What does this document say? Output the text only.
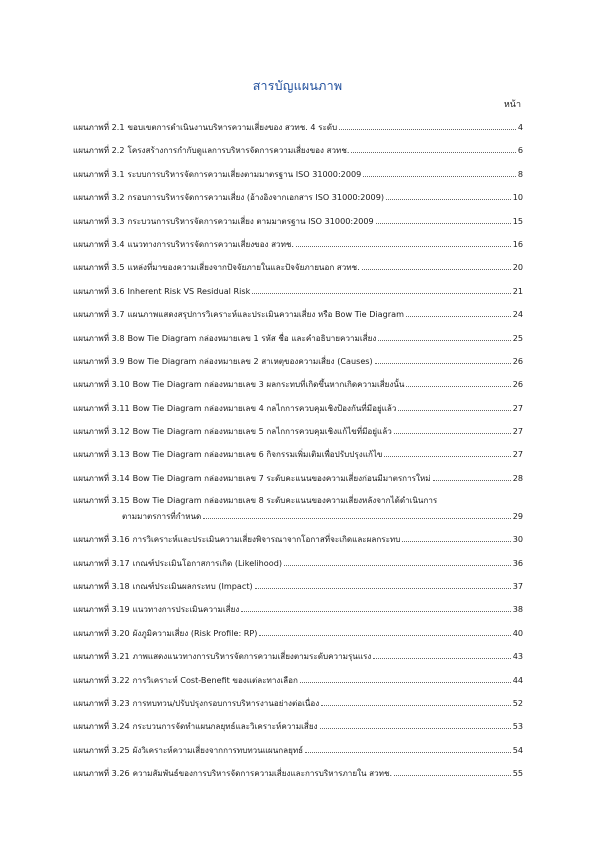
สารบัญแผนภาพ
หน้า
แผนภาพที่ 2.1 ขอบเขตการดำเนินงานบริหารความเสี่ยงของ สวทช. 4 ระดับ	4
แผนภาพที่ 2.2 โครงสร้างการกำกับดูแลการบริหารจัดการความเสี่ยงของ สวทช.	6
แผนภาพที่ 3.1 ระบบการบริหารจัดการความเสี่ยงตามมาตรฐาน ISO 31000:2009	8
แผนภาพที่ 3.2 กรอบการบริหารจัดการความเสี่ยง (อ้างอิงจากเอกสาร ISO 31000:2009)	10
แผนภาพที่ 3.3 กระบวนการบริหารจัดการความเสี่ยง ตามมาตรฐาน ISO 31000:2009	15
แผนภาพที่ 3.4 แนวทางการบริหารจัดการความเสี่ยงของ สวทช.	16
แผนภาพที่ 3.5 แหล่งที่มาของความเสี่ยงจากปัจจัยภายในและปัจจัยภายนอก สวทช.	20
แผนภาพที่ 3.6 Inherent Risk VS Residual Risk	21
แผนภาพที่ 3.7 แผนภาพแสดงสรุปการวิเคราะห์และประเมินความเสี่ยง หรือ Bow Tie Diagram	24
แผนภาพที่ 3.8 Bow Tie Diagram กล่องหมายเลข 1 รหัส ชื่อ และคำอธิบายความเสี่ยง	25
แผนภาพที่ 3.9 Bow Tie Diagram กล่องหมายเลข 2 สาเหตุของความเสี่ยง (Causes)	26
แผนภาพที่ 3.10 Bow Tie Diagram กล่องหมายเลข 3 ผลกระทบที่เกิดขึ้นหากเกิดความเสี่ยงนั้น	26
แผนภาพที่ 3.11 Bow Tie Diagram กล่องหมายเลข 4 กลไกการควบคุมเชิงป้องกันที่มีอยู่แล้ว	27
แผนภาพที่ 3.12 Bow Tie Diagram กล่องหมายเลข 5 กลไกการควบคุมเชิงแก้ไขที่มีอยู่แล้ว	27
แผนภาพที่ 3.13 Bow Tie Diagram กล่องหมายเลข 6 กิจกรรมเพิ่มเติมเพื่อปรับปรุงแก้ไข	27
แผนภาพที่ 3.14 Bow Tie Diagram กล่องหมายเลข 7 ระดับคะแนนของความเสี่ยงก่อนมีมาตรการใหม่	28
แผนภาพที่ 3.15 Bow Tie Diagram กล่องหมายเลข 8 ระดับคะแนนของความเสี่ยงหลังจากได้ดำเนินการ
ตามมาตรการที่กำหนด	29
แผนภาพที่ 3.16 การวิเคราะห์และประเมินความเสี่ยงพิจารณาจากโอกาสที่จะเกิดและผลกระทบ	30
แผนภาพที่ 3.17 เกณฑ์ประเมินโอกาสการเกิด (Likelihood)	36
แผนภาพที่ 3.18 เกณฑ์ประเมินผลกระทบ (Impact)	37
แผนภาพที่ 3.19 แนวทางการประเมินความเสี่ยง	38
แผนภาพที่ 3.20 ผังภูมิความเสี่ยง (Risk Profile: RP)	40
แผนภาพที่ 3.21 ภาพแสดงแนวทางการบริหารจัดการความเสี่ยงตามระดับความรุนแรง	43
แผนภาพที่ 3.22 การวิเคราะห์ Cost-Benefit ของแต่ละทางเลือก	44
แผนภาพที่ 3.23 การทบทวน/ปรับปรุงกรอบการบริหารงานอย่างต่อเนื่อง	52
แผนภาพที่ 3.24 กระบวนการจัดทำแผนกลยุทธ์และวิเคราะห์ความเสี่ยง	53
แผนภาพที่ 3.25 ผังวิเคราะห์ความเสี่ยงจากการทบทวนแผนกลยุทธ์	54
แผนภาพที่ 3.26 ความสัมพันธ์ของการบริหารจัดการความเสี่ยงและการบริหารภายใน สวทช.	55
